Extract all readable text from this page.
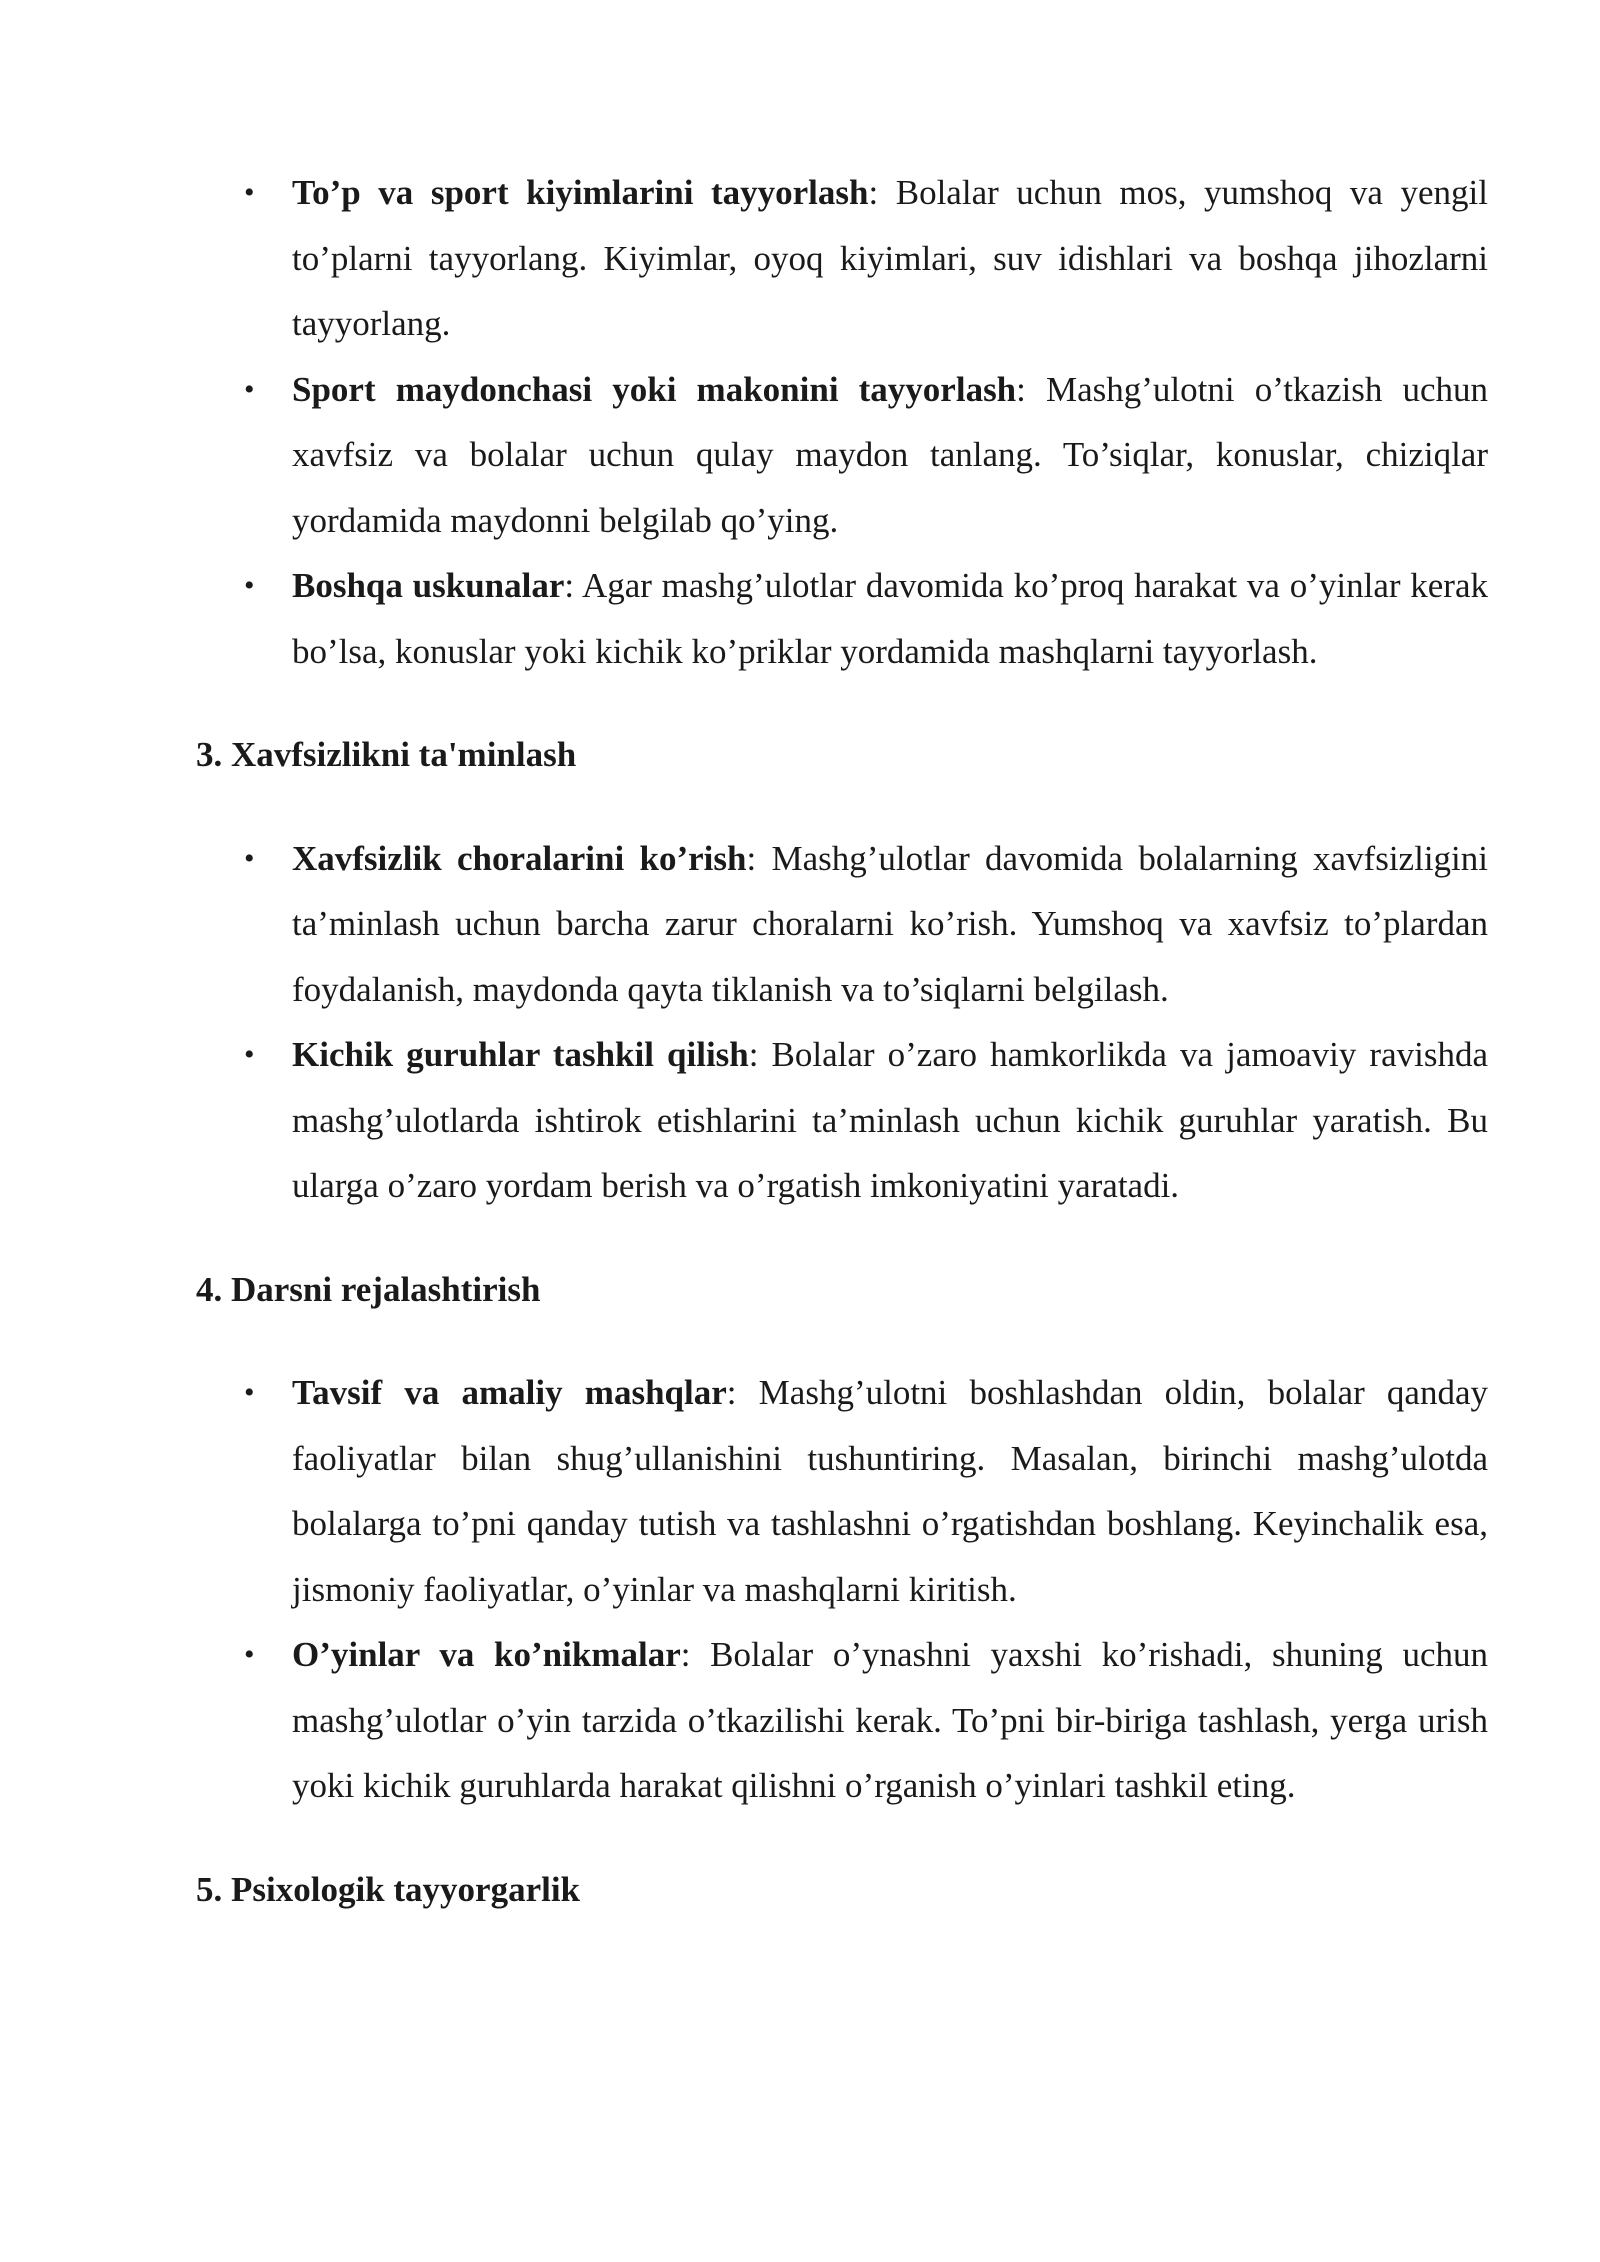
• To’p va sport kiyimlarini tayyorlash: Bolalar uchun mos, yumshoq va yengil to’plarni tayyorlang. Kiyimlar, oyoq kiyimlari, suv idishlari va boshqa jihozlarni tayyorlang.
• Sport maydonchasi yoki makonini tayyorlash: Mashg’ulotni o’tkazish uchun xavfsiz va bolalar uchun qulay maydon tanlang. To’siqlar, konuslar, chiziqlar yordamida maydonni belgilab qo’ying.
• Boshqa uskunalar: Agar mashg’ulotlar davomida ko’proq harakat va o’yinlar kerak bo’lsa, konuslar yoki kichik ko’priklar yordamida mashqlarni tayyorlash.
3. Xavfsizlikni ta'minlash
• Xavfsizlik choralarini ko’rish: Mashg’ulotlar davomida bolalarning xavfsizligini ta’minlash uchun barcha zarur choralarni ko’rish. Yumshoq va xavfsiz to’plardan foydalanish, maydonda qayta tiklanish va to’siqlarni belgilash.
• Kichik guruhlar tashkil qilish: Bolalar o’zaro hamkorlikda va jamoaviy ravishda mashg’ulotlarda ishtirok etishlarini ta’minlash uchun kichik guruhlar yaratish. Bu ularga o’zaro yordam berish va o’rgatish imkoniyatini yaratadi.
4. Darsni rejalashtirish
• Tavsif va amaliy mashqlar: Mashg’ulotni boshlashdan oldin, bolalar qanday faoliyatlar bilan shug’ullanishini tushuntiring. Masalan, birinchi mashg’ulotda bolalarga to’pni qanday tutish va tashlashni o’rgatishdan boshlang. Keyinchalik esa, jismoniy faoliyatlar, o’yinlar va mashqlarni kiritish.
• O’yinlar va ko’nikmalar: Bolalar o’ynashni yaxshi ko’rishadi, shuning uchun mashg’ulotlar o’yin tarzida o’tkazilishi kerak. To’pni bir-biriga tashlash, yerga urish yoki kichik guruhlarda harakat qilishni o’rganish o’yinlari tashkil eting.
5. Psixologik tayyorgarlik
